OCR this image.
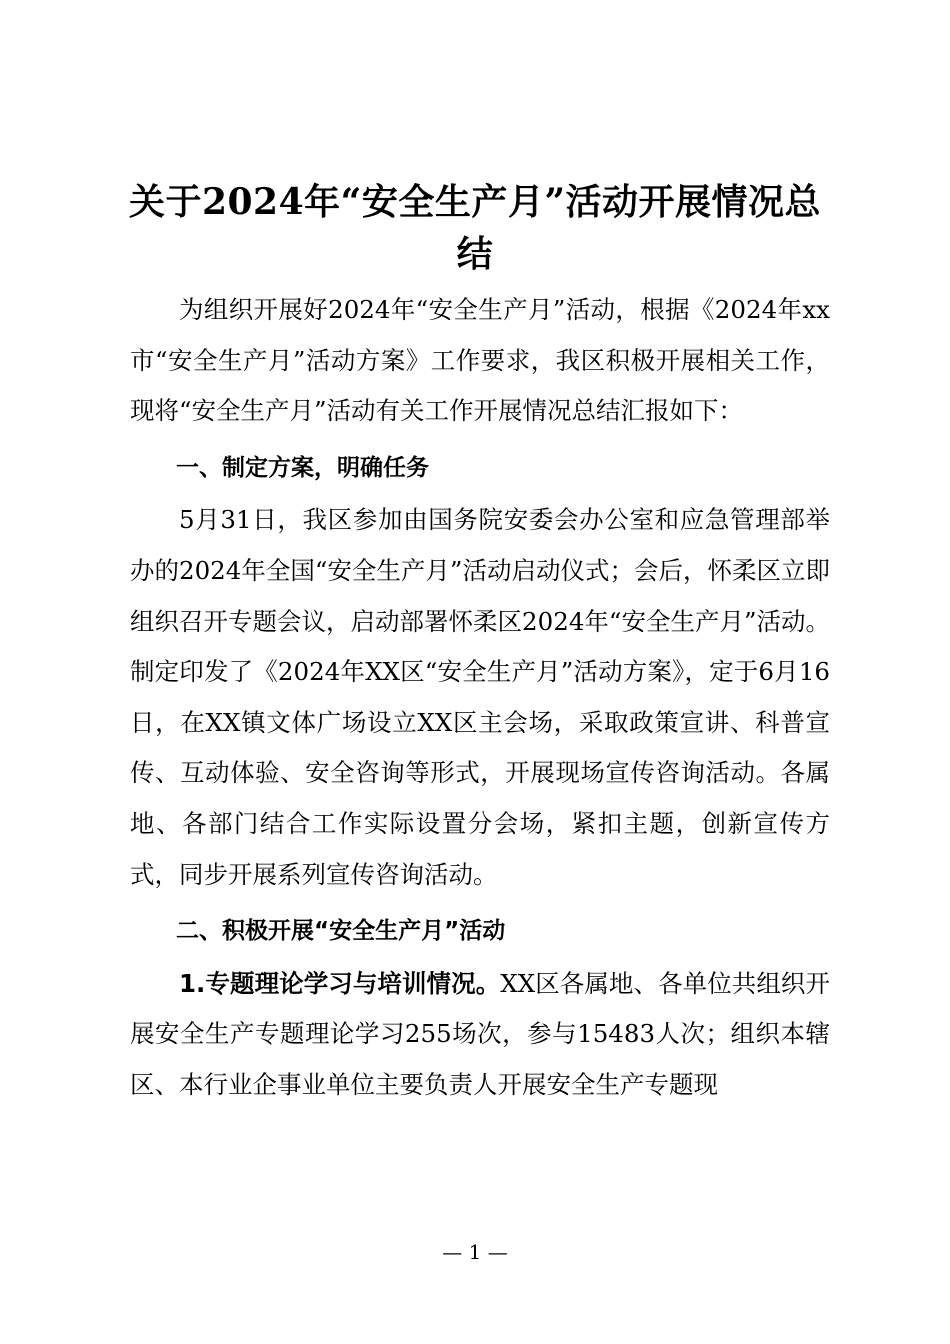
关于2024年“安全生产月”活动开展情况总结

为组织开展好2024年“安全生产月”活动，根据《2024年xx市“安全生产月”活动方案》工作要求，我区积极开展相关工作，现将“安全生产月”活动有关工作开展情况总结汇报如下：

一、制定方案，明确任务

5月31日，我区参加由国务院安委会办公室和应急管理部举办的2024年全国“安全生产月”活动启动仪式；会后，怀柔区立即组织召开专题会议，启动部署怀柔区2024年“安全生产月”活动。制定印发了《2024年XX区“安全生产月”活动方案》，定于6月16日，在XX镇文体广场设立XX区主会场，采取政策宣讲、科普宣传、互动体验、安全咨询等形式，开展现场宣传咨询活动。各属地、各部门结合工作实际设置分会场，紧扣主题，创新宣传方式，同步开展系列宣传咨询活动。

二、积极开展“安全生产月”活动

1.专题理论学习与培训情况。XX区各属地、各单位共组织开展安全生产专题理论学习255场次，参与15483人次；组织本辖区、本行业企事业单位主要负责人开展安全生产专题现

— 1 —
